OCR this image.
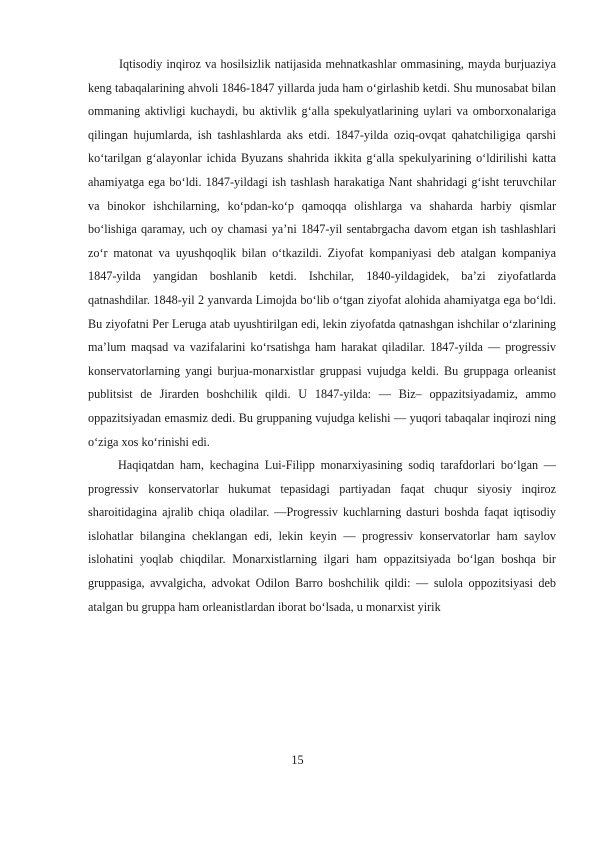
Iqtisodiy inqiroz va hosilsizlik natijasida mehnatkashlar ommasining, mayda burjuaziya keng tabaqalarining ahvoli 1846-1847 yillarda juda ham o‘girlashib ketdi. Shu munosabat bilan ommaning aktivligi kuchaydi, bu aktivlik g‘alla spekulyatlarining uylari va omborxonalariga qilingan hujumlarda, ish tashlashlarda aks etdi. 1847-yilda oziq-ovqat qahatchiligiga qarshi ko‘tarilgan g‘alayonlar ichida Byuzans shahrida ikkita g‘alla spekulyarining o‘ldirilishi katta ahamiyatga ega bo‘ldi. 1847-yildagi ish tashlash harakatiga Nant shahridagi g‘isht teruvchilar va binokor ishchilarning, ko‘pdan-ko‘p qamoqqa olishlarga va shaharda harbiy qismlar bo‘lishiga qaramay, uch oy chamasi ya’ni 1847-yil sentabrgacha davom etgan ish tashlashlari zo‘r matonat va uyushqoqlik bilan o‘tkazildi. Ziyofat kompaniyasi deb atalgan kompaniya 1847-yilda yangidan boshlanib ketdi. Ishchilar, 1840-yildagidek, ba’zi ziyofatlarda qatnashdilar. 1848-yil 2 yanvarda Limojda bo‘lib o‘tgan ziyofat alohida ahamiyatga ega bo‘ldi. Bu ziyofatni Per Leruga atab uyushtirilgan edi, lekin ziyofatda qatnashgan ishchilar o‘zlarining ma’lum maqsad va vazifalarini ko‘rsatishga ham harakat qiladilar. 1847-yilda — progressiv konservatorlarning yangi burjua-monarxistlar gruppasi vujudga keldi. Bu gruppaga orleanist publitsist de Jirarden boshchilik qildi. U 1847-yilda: — Biz– oppazitsiyadamiz, ammo oppazitsiyadan emasmiz dedi. Bu gruppaning vujudga kelishi — yuqori tabaqalar inqirozi ning o‘ziga xos ko‘rinishi edi.

Haqiqatdan ham, kechagina Lui-Filipp monarxiyasining sodiq tarafdorlari bo‘lgan — progressiv konservatorlar hukumat tepasidagi partiyadan faqat chuqur siyosiy inqiroz sharoitidagina ajralib chiqa oladilar. —Progressiv kuchlarning dasturi boshda faqat iqtisodiy islohatlar bilangina cheklangan edi, lekin keyin — progressiv konservatorlar ham saylov islohatini yoqlab chiqdilar. Monarxistlarning ilgari ham oppazitsiyada bo‘lgan boshqa bir gruppasiga, avvalgicha, advokat Odilon Barro boshchilik qildi: — sulola oppozitsiyasi deb atalgan bu gruppa ham orleanistlardan iborat bo‘lsada, u monarxist yirik

15
